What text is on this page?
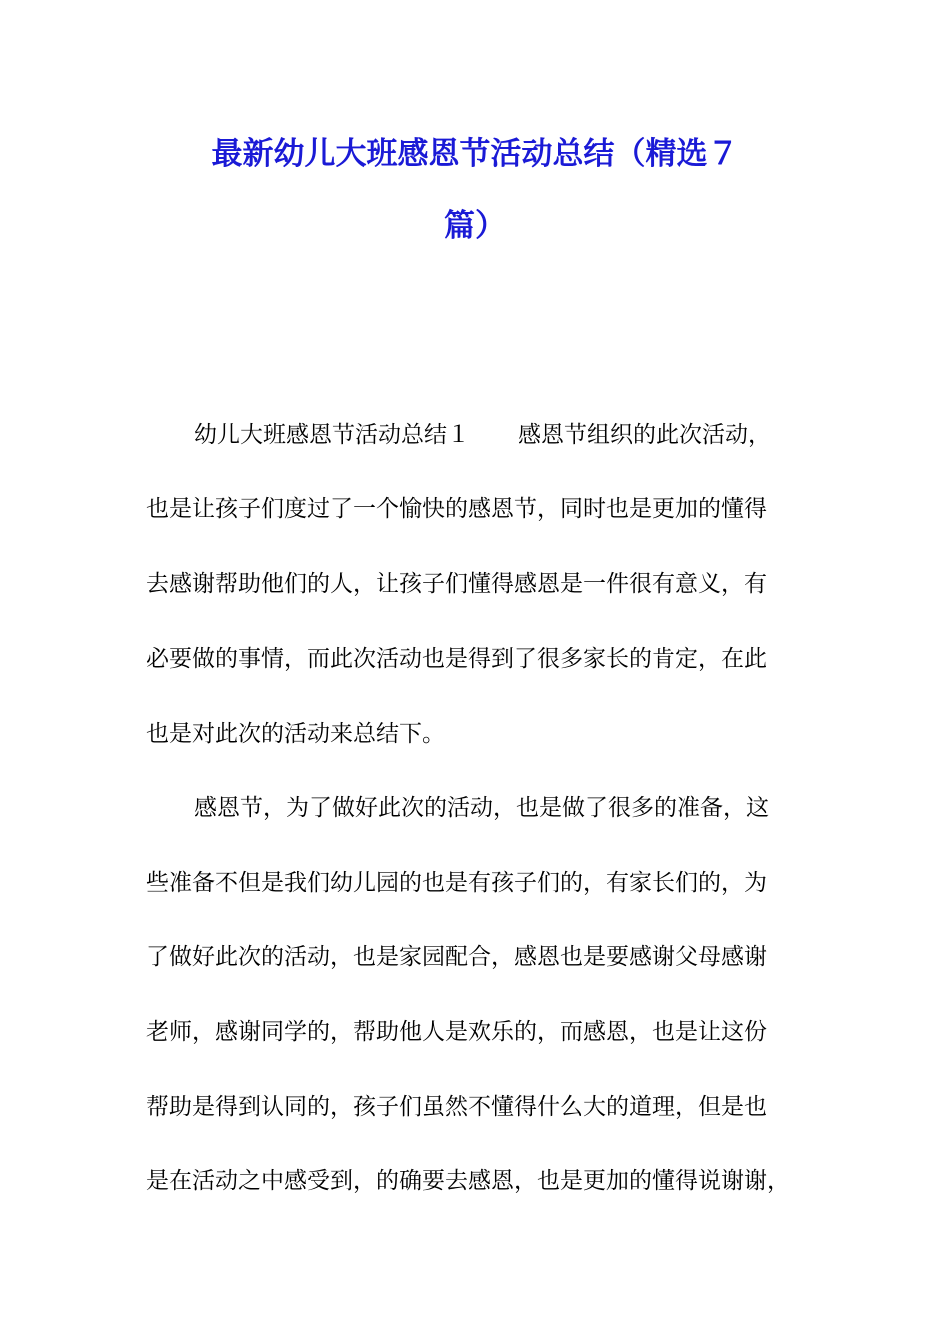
最新幼儿大班感恩节活动总结（精选７
篇）
幼儿大班感恩节活动总结１ 感恩节组织的此次活动，
也是让孩子们度过了一个愉快的感恩节，同时也是更加的懂得
去感谢帮助他们的人，让孩子们懂得感恩是一件很有意义，有
必要做的事情，而此次活动也是得到了很多家长的肯定，在此
也是对此次的活动来总结下。
感恩节，为了做好此次的活动，也是做了很多的准备，这
些准备不但是我们幼儿园的也是有孩子们的，有家长们的，为
了做好此次的活动，也是家园配合，感恩也是要感谢父母感谢
老师，感谢同学的，帮助他人是欢乐的，而感恩，也是让这份
帮助是得到认同的，孩子们虽然不懂得什么大的道理，但是也
是在活动之中感受到，的确要去感恩，也是更加的懂得说谢谢，
